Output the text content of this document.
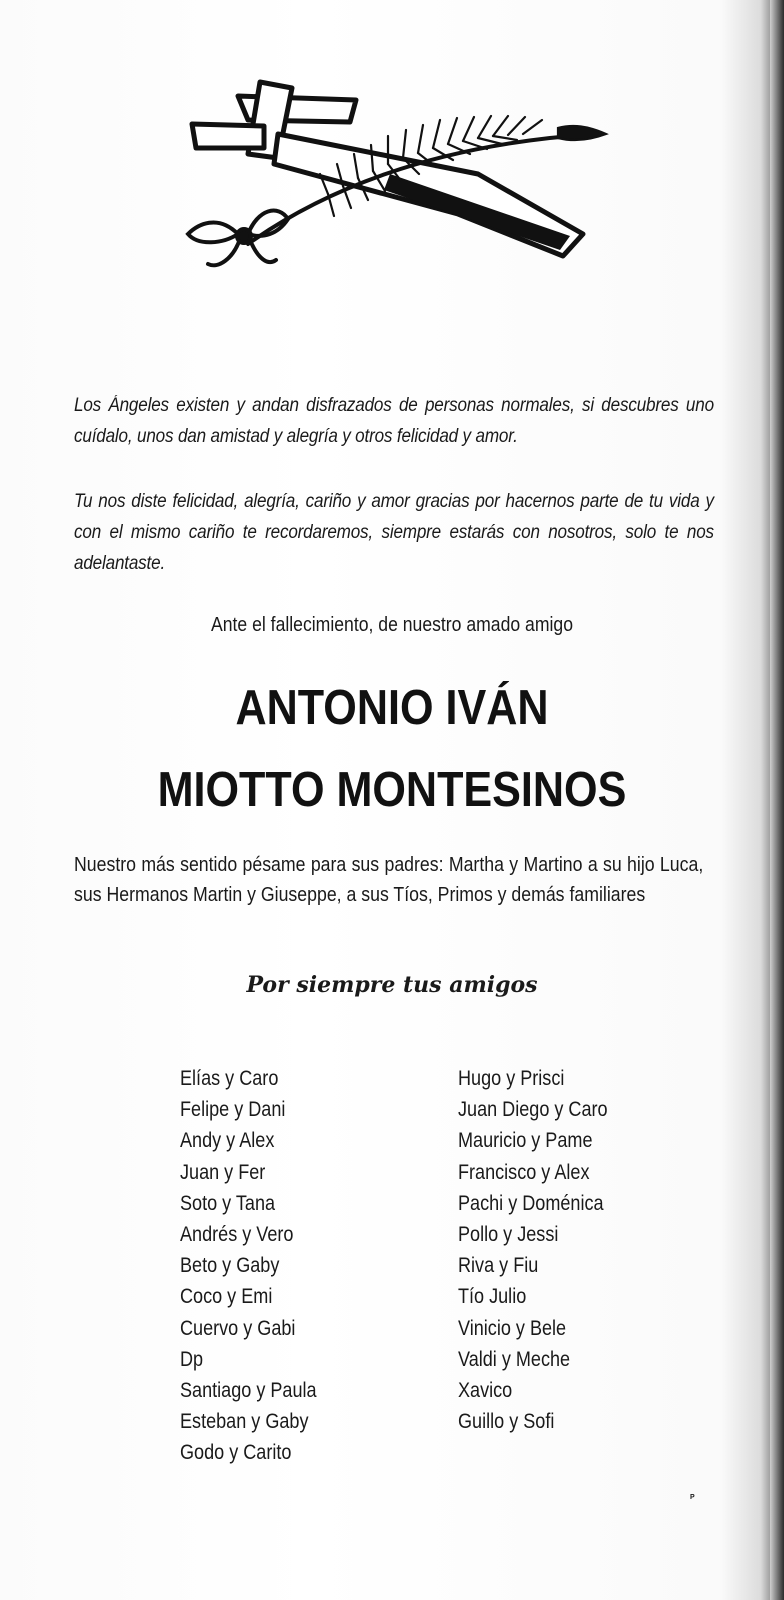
Los Ángeles existen y andan disfrazados de personas normales, si descubres uno cuídalo, unos dan amistad y alegría y otros felicidad y amor.

Tu nos diste felicidad, alegría, cariño y amor gracias por hacernos parte de tu vida y con el mismo cariño te recordaremos, siempre estarás con nosotros, solo te nos adelantaste.

Ante el fallecimiento, de nuestro amado amigo
ANTONIO IVÁN
MIOTTO MONTESINOS
Nuestro más sentido pésame para sus padres: Martha y Martino a su hijo Luca, sus Hermanos Martin y Giuseppe, a sus Tíos, Primos y demás familiares
Por siempre tus amigos
Elías y Caro
Felipe y Dani
Andy y Alex
Juan y Fer
Soto y Tana
Andrés y Vero
Beto y Gaby
Coco y Emi
Cuervo y Gabi
Dp
Santiago y Paula
Esteban y Gaby
Godo y Carito
Hugo y Prisci
Juan Diego y Caro
Mauricio y Pame
Francisco y Alex
Pachi y Doménica
Pollo y Jessi
Riva y Fiu
Tío Julio
Vinicio y Bele
Valdi y Meche
Xavico
Guillo y Sofi
P
